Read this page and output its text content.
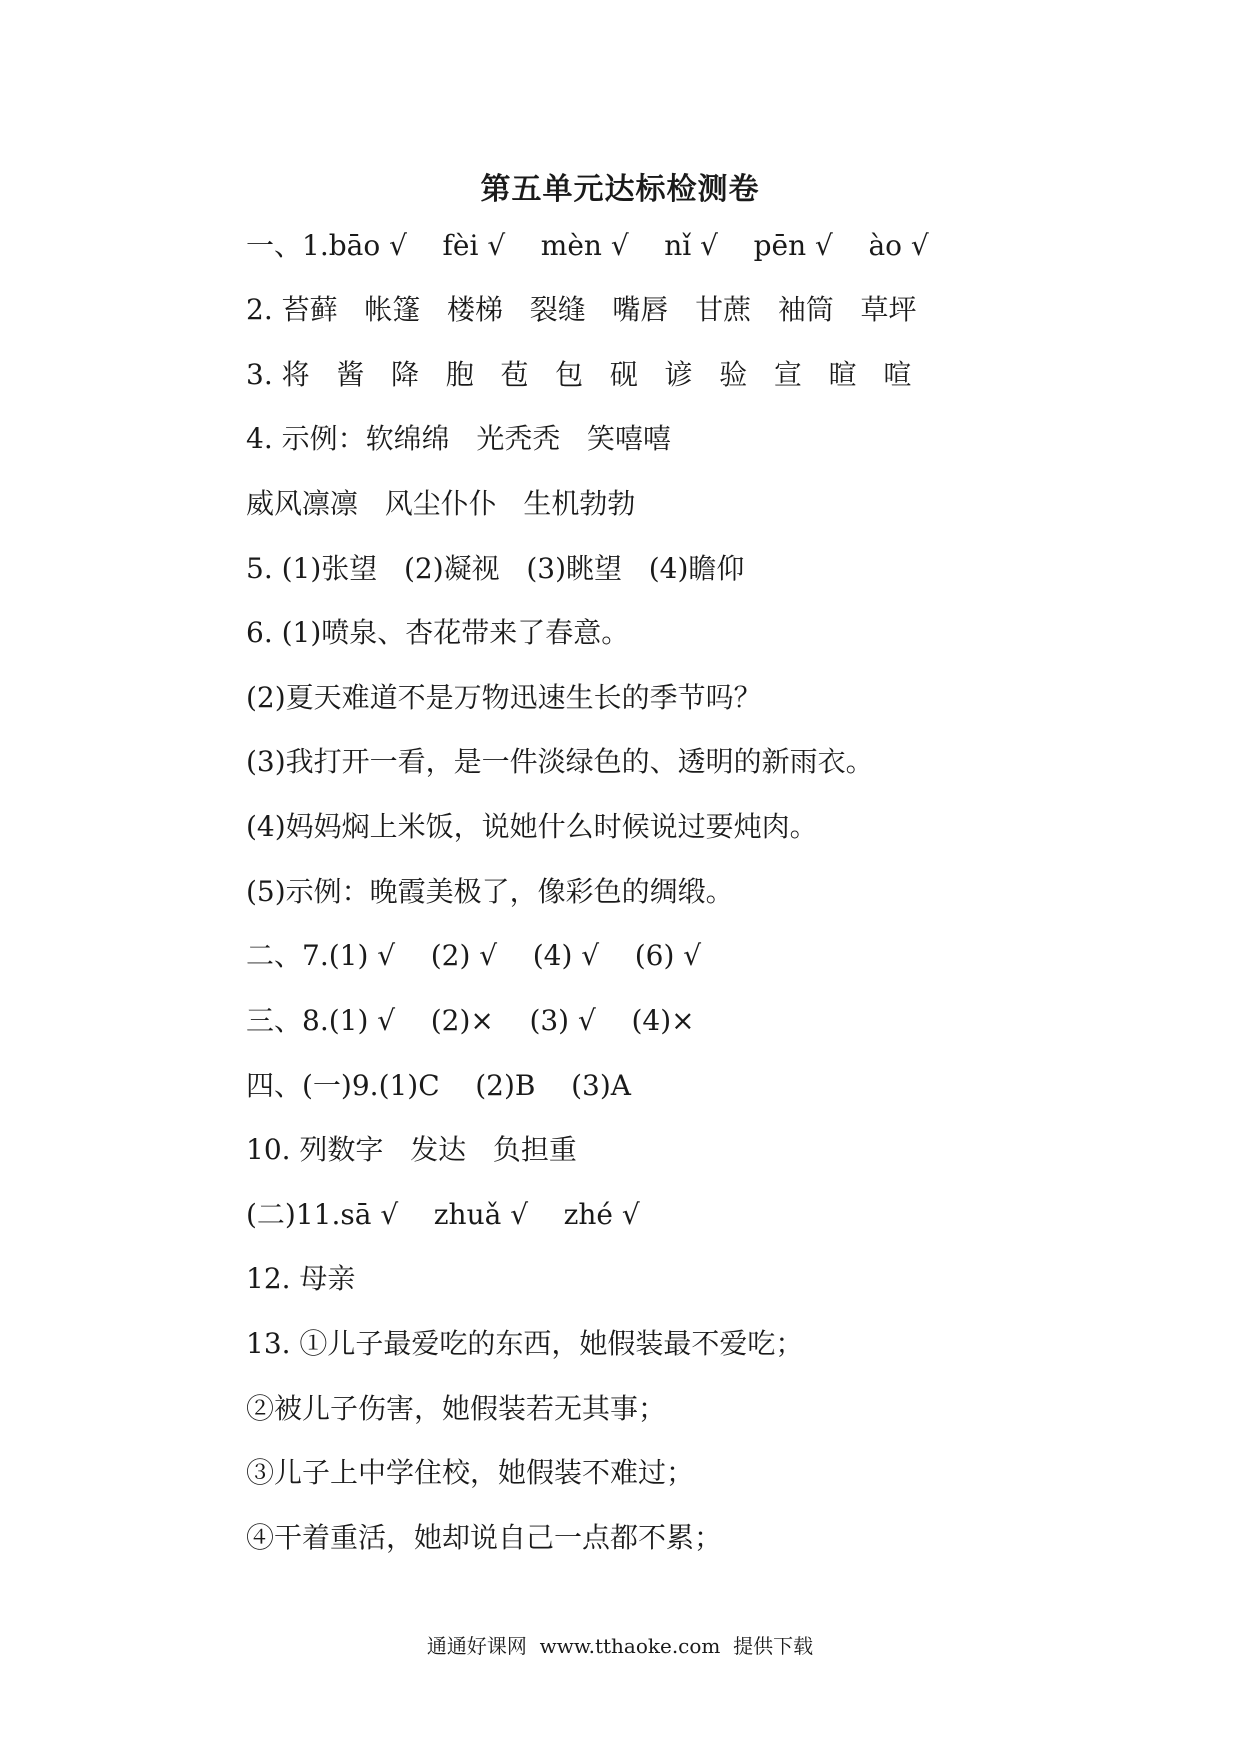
第五单元达标检测卷
一、1.bāo √    fèi √    mèn √    nǐ √    pēn √    ào √
2. 苔藓   帐篷   楼梯   裂缝   嘴唇   甘蔗   袖筒   草坪
3. 将   酱   降   胞   苞   包   砚   谚   验   宣   暄   喧
4. 示例：软绵绵   光秃秃   笑嘻嘻
威风凛凛   风尘仆仆   生机勃勃
5. (1)张望   (2)凝视   (3)眺望   (4)瞻仰
6. (1)喷泉、杏花带来了春意。
(2)夏天难道不是万物迅速生长的季节吗？
(3)我打开一看，是一件淡绿色的、透明的新雨衣。
(4)妈妈焖上米饭，说她什么时候说过要炖肉。
(5)示例：晚霞美极了，像彩色的绸缎。
二、7.(1) √    (2) √    (4) √    (6) √
三、8.(1) √    (2)×    (3) √    (4)×
四、(一)9.(1)C    (2)B    (3)A
10. 列数字   发达   负担重
(二)11.sā √    zhuǎ √    zhé √
12. 母亲
13. ①儿子最爱吃的东西，她假装最不爱吃；
②被儿子伤害，她假装若无其事；
③儿子上中学住校，她假装不难过；
④干着重活，她却说自己一点都不累；
通通好课网  www.tthaoke.com  提供下载
